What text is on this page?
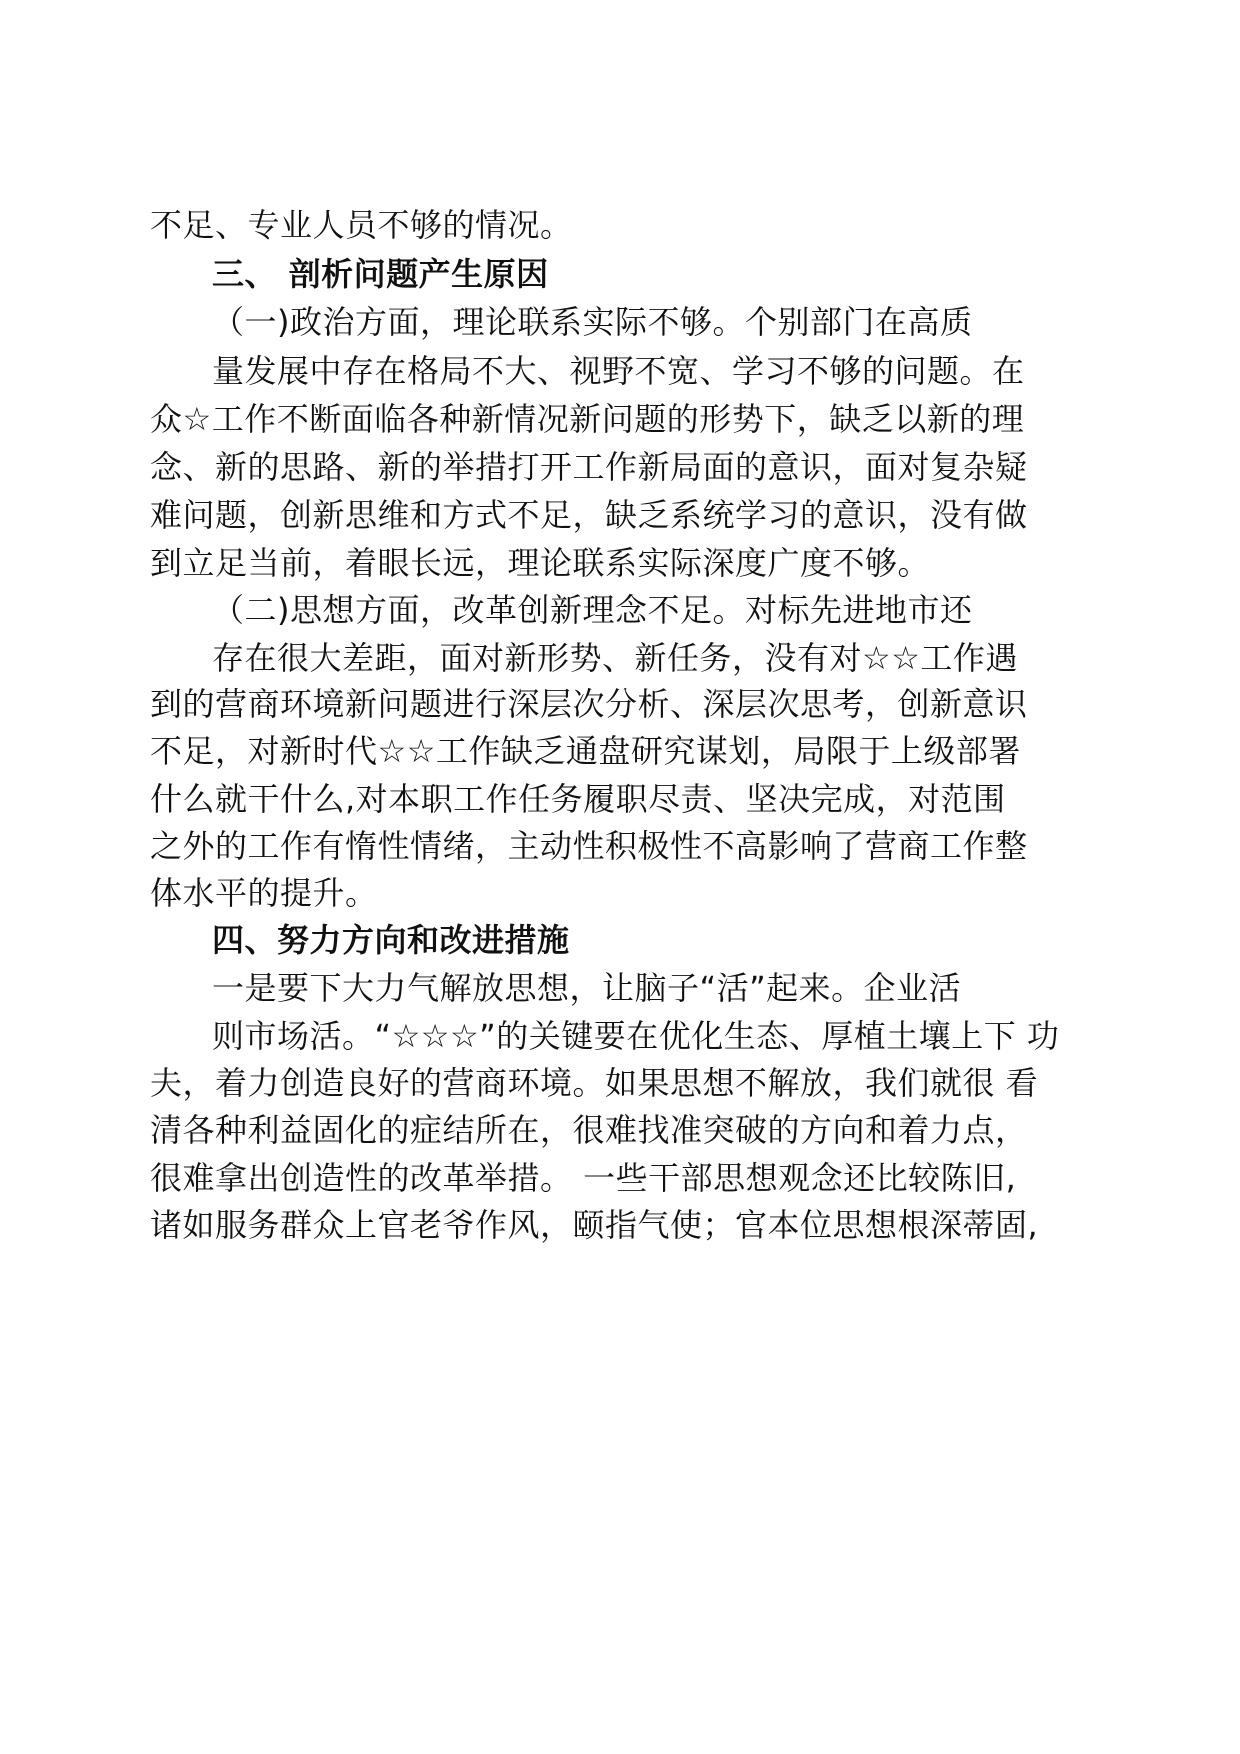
不足、专业人员不够的情况。
三、 剖析问题产生原因
（一)政治方面，理论联系实际不够。个别部门在高质
量发展中存在格局不大、视野不宽、学习不够的问题。在
众☆工作不断面临各种新情况新问题的形势下，缺乏以新的理
念、新的思路、新的举措打开工作新局面的意识，面对复杂疑
难问题，创新思维和方式不足，缺乏系统学习的意识，没有做
到立足当前，着眼长远，理论联系实际深度广度不够。
（二)思想方面，改革创新理念不足。对标先进地市还
存在很大差距，面对新形势、新任务，没有对☆☆工作遇
到的营商环境新问题进行深层次分析、深层次思考，创新意识
不足，对新时代☆☆工作缺乏通盘研究谋划，局限于上级部署
什么就干什么,对本职工作任务履职尽责、坚决完成，对范围
之外的工作有惰性情绪，主动性积极性不高影响了营商工作整
体水平的提升。
四、努力方向和改进措施
一是要下大力气解放思想，让脑子“活”起来。企业活
则市场活。“☆☆☆”的关键要在优化生态、厚植土壤上下 功
夫，着力创造良好的营商环境。如果思想不解放，我们就很 看
清各种利益固化的症结所在，很难找准突破的方向和着力点，
很难拿出创造性的改革举措。 一些干部思想观念还比较陈旧,
诸如服务群众上官老爷作风，颐指气使；官本位思想根深蒂固,
